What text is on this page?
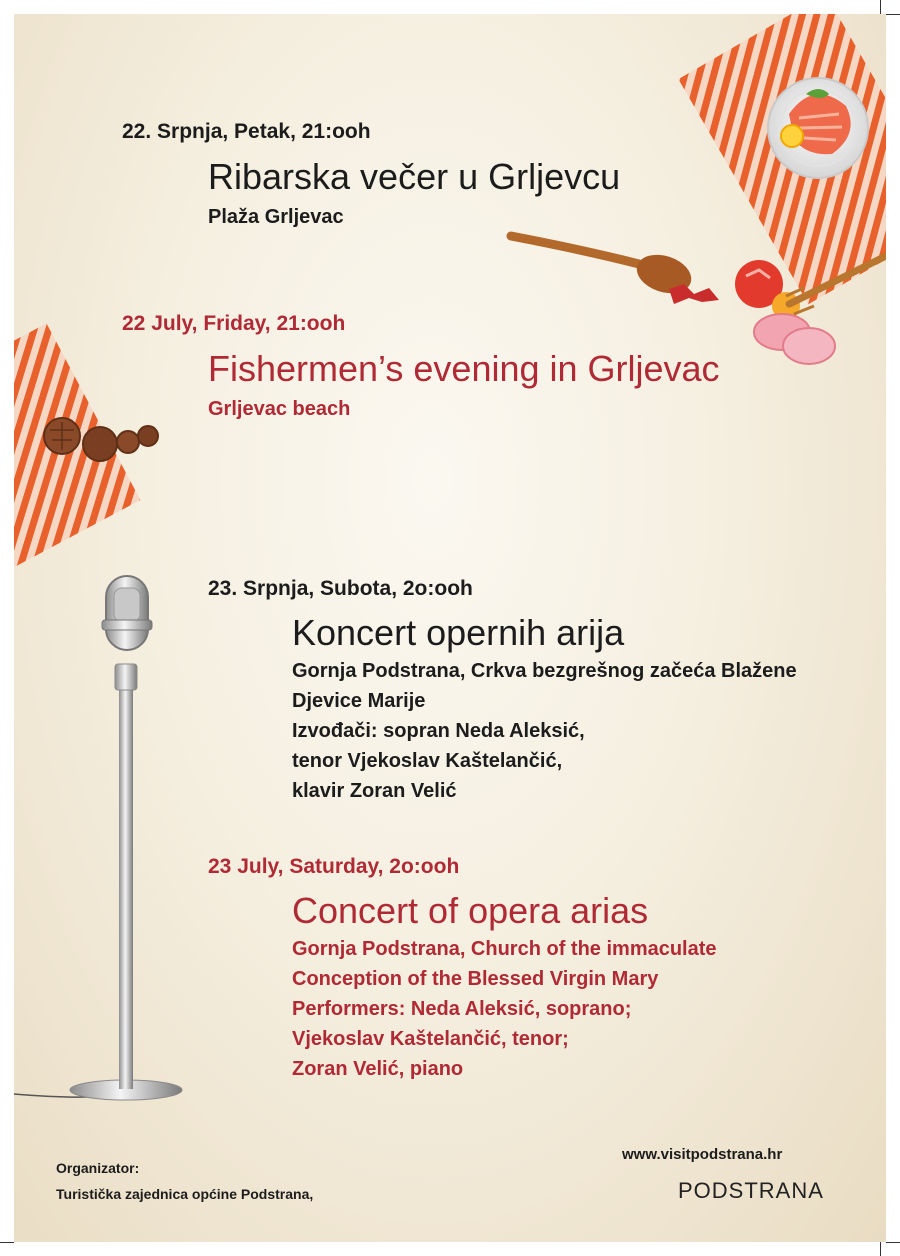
22. Srpnja, Petak, 21:ooh
Ribarska večer u Grljevcu
Plaža Grljevac
22 July, Friday, 21:ooh
Fishermen’s evening in Grljevac
Grljevac beach
23. Srpnja, Subota, 2o:ooh
Koncert opernih arija
Gornja Podstrana, Crkva bezgrešnog začeća Blažene
Djevice Marije
Izvođači: sopran Neda Aleksić,
tenor Vjekoslav Kaštelančić,
klavir Zoran Velić
23 July, Saturday, 2o:ooh
Concert of opera arias
Gornja Podstrana, Church of the immaculate
Conception of the Blessed Virgin Mary
Performers: Neda Aleksić, soprano;
Vjekoslav Kaštelančić, tenor;
Zoran Velić, piano
Organizator:
Turistička zajednica općine Podstrana,
www.visitpodstrana.hr
PODSTRANA
